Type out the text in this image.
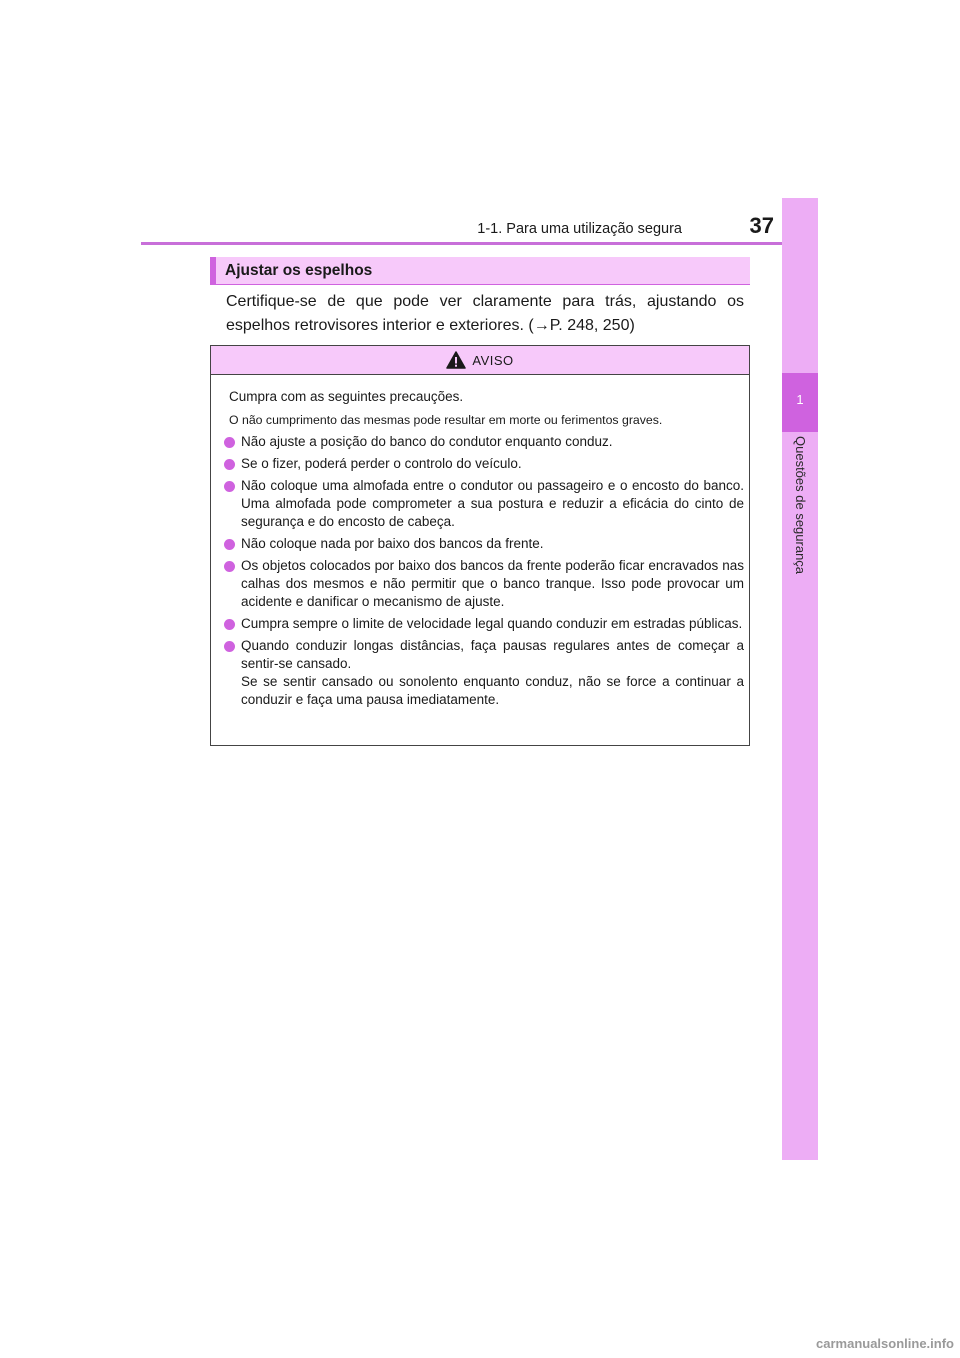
1-1. Para uma utilização segura	37
1
Questões de segurança
Ajustar os espelhos
Certifique-se de que pode ver claramente para trás, ajustando os espelhos retrovisores interior e exteriores. (→P. 248, 250)
AVISO
Cumpra com as seguintes precauções.
O não cumprimento das mesmas pode resultar em morte ou ferimentos graves.
Não ajuste a posição do banco do condutor enquanto conduz.
Se o fizer, poderá perder o controlo do veículo.
Não coloque uma almofada entre o condutor ou passageiro e o encosto do banco. Uma almofada pode comprometer a sua postura e reduzir a eficácia do cinto de segurança e do encosto de cabeça.
Não coloque nada por baixo dos bancos da frente.
Os objetos colocados por baixo dos bancos da frente poderão ficar encravados nas calhas dos mesmos e não permitir que o banco tranque. Isso pode provocar um acidente e danificar o mecanismo de ajuste.
Cumpra sempre o limite de velocidade legal quando conduzir em estradas públicas.
Quando conduzir longas distâncias, faça pausas regulares antes de começar a sentir-se cansado.
Se se sentir cansado ou sonolento enquanto conduz, não se force a continuar a conduzir e faça uma pausa imediatamente.
carmanualsonline.info
